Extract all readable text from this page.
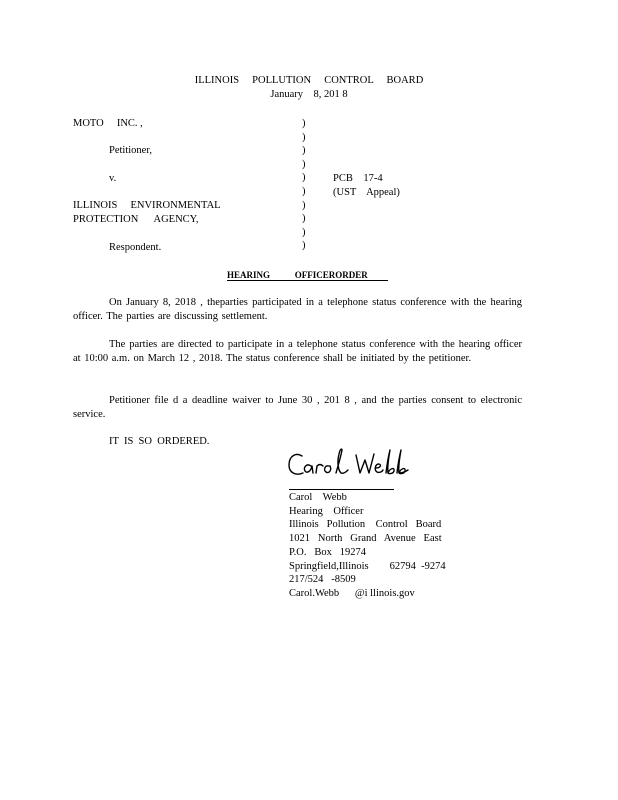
ILLINOIS     POLLUTION     CONTROL     BOARD
January    8, 201 8
MOTO     INC. ,
Petitioner,
v.
ILLINOIS     ENVIRONMENTAL
PROTECTION      AGENCY,
Respondent.
)
)
)
)
)
)
)
)
)
)
PCB    17-4
(UST    Appeal)
HEARING           OFFICERORDER
On January 8, 2018 , theparties participated in a telephone status conference with the hearing officer. The parties are discussing settlement.
The parties are directed to participate in a telephone status conference with the hearing officer at 10:00 a.m. on March 12 , 2018. The status conference shall be initiated by the petitioner.
Petitioner file d a deadline waiver to June 30 , 201 8 , and the parties consent to electronic service.
IT  IS  SO  ORDERED.
Carol    Webb
Hearing    Officer
Illinois   Pollution    Control   Board
1021   North   Grand   Avenue   East
P.O.   Box   19274
Springfield,Illinois        62794  -9274
217/524   -8509
Carol.Webb      @i llinois.gov
